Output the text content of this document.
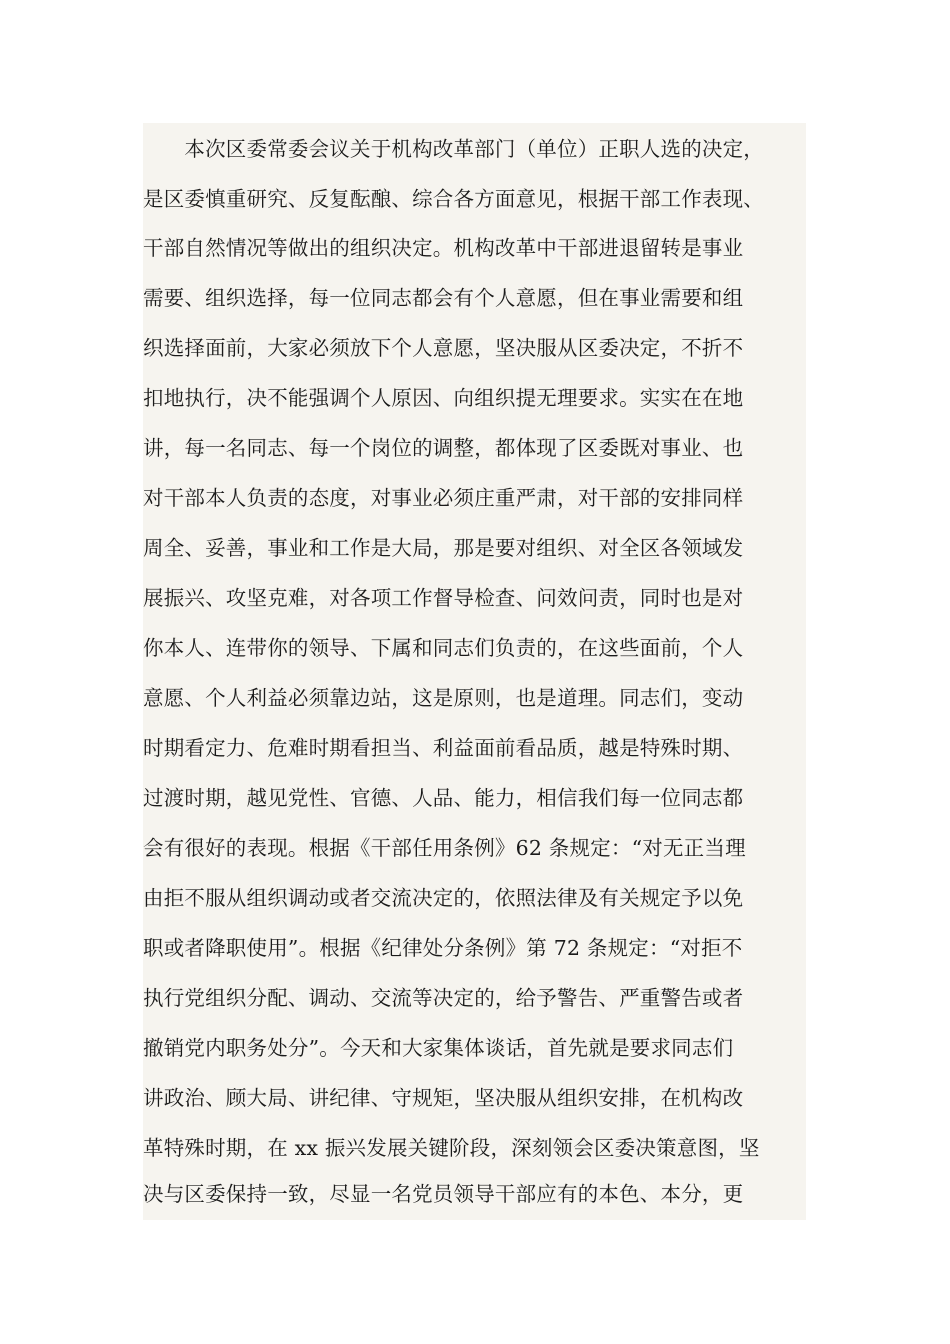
　　本次区委常委会议关于机构改革部门（单位）正职人选的决定，
是区委慎重研究、反复酝酿、综合各方面意见，根据干部工作表现、
干部自然情况等做出的组织决定。机构改革中干部进退留转是事业
需要、组织选择，每一位同志都会有个人意愿，但在事业需要和组
织选择面前，大家必须放下个人意愿，坚决服从区委决定，不折不
扣地执行，决不能强调个人原因、向组织提无理要求。实实在在地
讲，每一名同志、每一个岗位的调整，都体现了区委既对事业、也
对干部本人负责的态度，对事业必须庄重严肃，对干部的安排同样
周全、妥善，事业和工作是大局，那是要对组织、对全区各领域发
展振兴、攻坚克难，对各项工作督导检查、问效问责，同时也是对
你本人、连带你的领导、下属和同志们负责的，在这些面前，个人
意愿、个人利益必须靠边站，这是原则，也是道理。同志们，变动
时期看定力、危难时期看担当、利益面前看品质，越是特殊时期、
过渡时期，越见党性、官德、人品、能力，相信我们每一位同志都
会有很好的表现。根据《干部任用条例》62 条规定：“对无正当理
由拒不服从组织调动或者交流决定的，依照法律及有关规定予以免
职或者降职使用”。根据《纪律处分条例》第 72 条规定：“对拒不
执行党组织分配、调动、交流等决定的，给予警告、严重警告或者
撤销党内职务处分”。今天和大家集体谈话，首先就是要求同志们
讲政治、顾大局、讲纪律、守规矩，坚决服从组织安排，在机构改
革特殊时期，在 xx 振兴发展关键阶段，深刻领会区委决策意图，坚
决与区委保持一致，尽显一名党员领导干部应有的本色、本分，更
